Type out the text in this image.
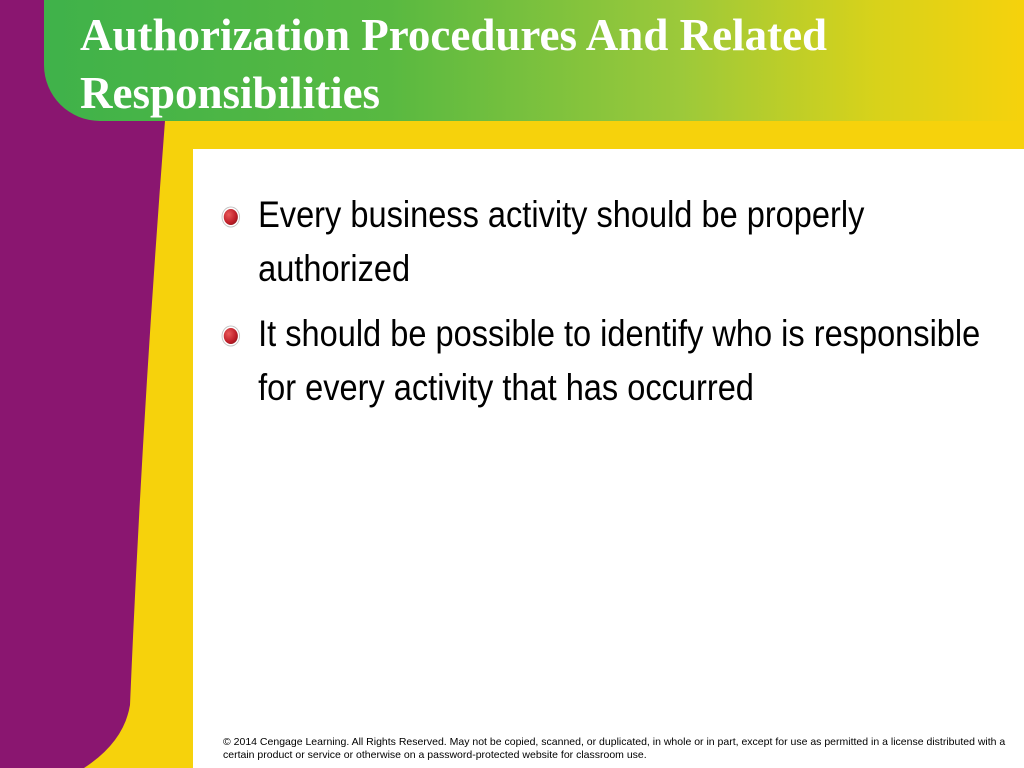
Authorization Procedures And Related Responsibilities
Every business activity should be properly authorized
It should be possible to identify who is responsible for every activity that has occurred

© 2014 Cengage Learning. All Rights Reserved. May not be copied, scanned, or duplicated, in whole or in part, except for use as permitted in a license distributed with a certain product or service or otherwise on a password-protected website for classroom use.
